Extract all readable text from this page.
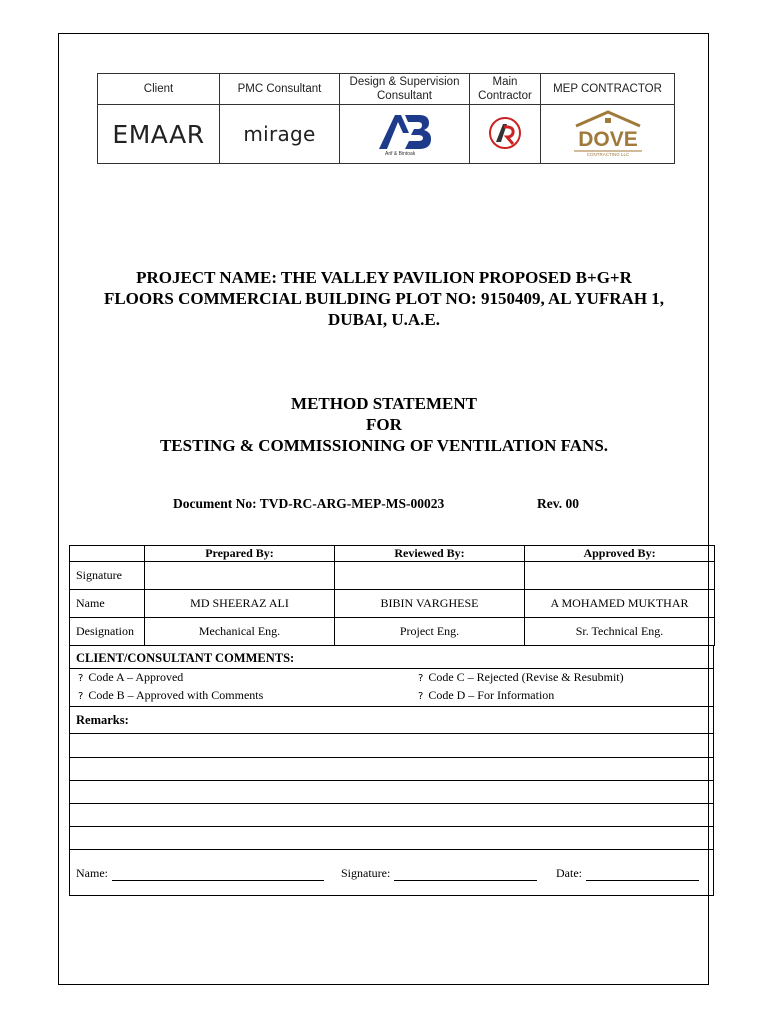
Client	PMC Consultant	Design & Supervision Consultant	Main Contractor	MEP CONTRACTOR
EMAAR	mirage	Arif & Bintoak		DOVE
CONTRACTING LLC
PROJECT NAME: THE VALLEY PAVILION PROPOSED B+G+R
FLOORS COMMERCIAL BUILDING PLOT NO: 9150409, AL YUFRAH 1,
DUBAI, U.A.E.
METHOD STATEMENT
FOR
TESTING & COMMISSIONING OF VENTILATION FANS.
Document No: TVD-RC-ARG-MEP-MS-00023	Rev. 00
	Prepared By:	Reviewed By:	Approved By:
Signature			
Name	MD SHEERAZ ALI	BIBIN VARGHESE	A MOHAMED MUKTHAR
Designation	Mechanical Eng.	Project Eng.	Sr. Technical Eng.
CLIENT/CONSULTANT COMMENTS:
? Code A – Approved
? Code B – Approved with Comments
? Code C – Rejected (Revise & Resubmit)
? Code D – For Information
Remarks:
Name:	Signature:	Date:
